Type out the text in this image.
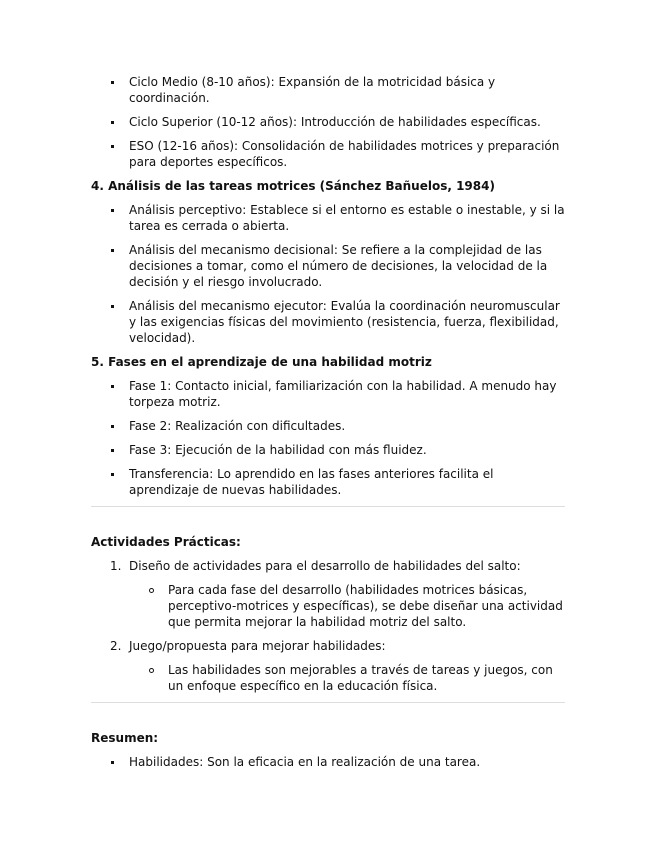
Ciclo Medio (8-10 años): Expansión de la motricidad básica y coordinación.
Ciclo Superior (10-12 años): Introducción de habilidades específicas.
ESO (12-16 años): Consolidación de habilidades motrices y preparación para deportes específicos.
4. Análisis de las tareas motrices (Sánchez Bañuelos, 1984)
Análisis perceptivo: Establece si el entorno es estable o inestable, y si la tarea es cerrada o abierta.
Análisis del mecanismo decisional: Se refiere a la complejidad de las decisiones a tomar, como el número de decisiones, la velocidad de la decisión y el riesgo involucrado.
Análisis del mecanismo ejecutor: Evalúa la coordinación neuromuscular y las exigencias físicas del movimiento (resistencia, fuerza, flexibilidad, velocidad).
5. Fases en el aprendizaje de una habilidad motriz
Fase 1: Contacto inicial, familiarización con la habilidad. A menudo hay torpeza motriz.
Fase 2: Realización con dificultades.
Fase 3: Ejecución de la habilidad con más fluidez.
Transferencia: Lo aprendido en las fases anteriores facilita el aprendizaje de nuevas habilidades.
Actividades Prácticas:
1. Diseño de actividades para el desarrollo de habilidades del salto:
Para cada fase del desarrollo (habilidades motrices básicas, perceptivo-motrices y específicas), se debe diseñar una actividad que permita mejorar la habilidad motriz del salto.
2. Juego/propuesta para mejorar habilidades:
Las habilidades son mejorables a través de tareas y juegos, con un enfoque específico en la educación física.
Resumen:
Habilidades: Son la eficacia en la realización de una tarea.
